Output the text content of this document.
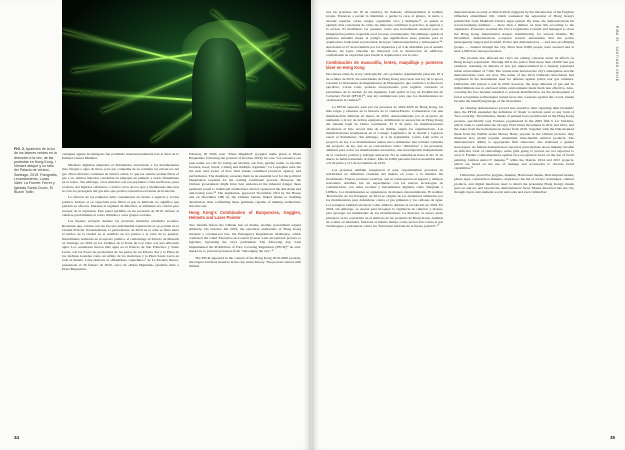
FIG. 2. Aparición de la luz de los láseres verdes en la dirección a la vez, de las protestas en Hong Kong. / Verdant ataque y un fallo del Palacio de verano, Santiago, 2019. Fotografía, Levantamiento, Lucas Valet. La Fuente: Ferrer y Iglesias Santa Crucic, El Buzón Tollin.

cualquier agente lacrimógeno fue prohibido internacionalmente tras el final de la Primera Guerra Mundial.

Mientras dignidad empleaba el distribuidor encontrado a los manifestantes mas vinagre a agua de litros, para así, compañía de su columna los elevan los del gas. Otros métodos consisten en triturar caliza, lo que las cenizas podían filtrar el gas a su. Ambos métodos consistían en empapar un pañuelo y atarlo firmemente en el rostro. Sin embargo, otros métodos son tan populares como ineficaces, pues el efecto del líquidos cafeínicos o ácidos cerca de los ojos y membranas mucosas no sólo no protegería del gas sino que podría convertirse en fuente de irritación.

La eficacia de los pañuelos debe considerarse en cuanto a agencia y acción política. Incluso si su capacidad para filtrar el gas es limitada, no significa que pierdan su eficacia. Durante el régimen de Pinochet, el ambiente era crucial para escapar de la represión. Este papel permitió en las protestas de 2019, incluso el cubrirse parcialmente el rostro limitaba a otras grupos sociales.

Las fuentes recluyen durante las protestas incluidos estallidos sociales. Recientes que, cobrise son sin fue una enfermedad respiratoria al ojo ponían en la Ciudad Policial. Paralelamente, la performance de 2019 de la calle se filtró entre el núcleo de la ciudad en el estallido de los puntos a la vena de lo general. Inicialmente realizada en el espacio público, el camarlengo al Palacio de Moneda en Santiago en 2019 en los Jardines de la Parte de Los Ojos con una Alborada agua. Los centenares fueron más agua en el Palacio de San Francisco y Santa Lucía, con las Fosas las producidas de las partes de un Palacio Sur y la Plaza de los Jardines Grandes como un reflejo de los modernos y la Plaza Santa Lucía en todo el mundo. Cabe destacar el «Manifiesto capuchino»⁹ de La Escuela Nueva, presentado el 26 febrero de 2020, cerca de «Plaza Dignidad» (nombre dado a Plaza Baquedano

February 20 2020, near "Plaza Dignidad" (popular name given to Plaza Baquedano following the protests of October 2019). Its core "we renounce our seen name, we call for losing our identity, our face, gender, name, to become faceless, hood, blood, a living and multiple organism," La Lapsopher said. On the next said aware of how their masks combined practical, agency, and performance. The manifesto presents them as an essential tool for the political imagination required for the coming constituent process. However, the Chilean government might have best understood the inherent danger these garments posed to traditional architecture when it sponsored the anti-mask and anti-boring laws.¹⁰ The legislation, approved November 23rd by the House and on December 18th by the Chilean Senate, linked masks to building destruction, thus confirming these garments capable of making architecture into this site.

Hong Kong's Combination of Buoyancies, Goggles, Helmets and Laser Pointer

Two months before the Chilean ban on masks, another government argued similarly. On October 4th 2019, the executive authorities of Hong Kong invoked a colonial-era law, the Emergency Regulations Ordinance, which conferred the Chief Executive-in-Council (Carrie Lam exceptional powers to legislate, bypassing the city's parliament. The following day, Lam implemented the Prohibition of Face Covering Regulation (PFCR)¹¹ an anti-mask law to prevent protesters from "sabotaging the city".¹²

The PFCR appeared in the context of the Hong Kong 2019-2020 protests, the largest and most massive in the city estate history. The protests started with limited

34

tras las protestas del 18 de octubre). Su llamado, «Erinnerisimos al nombre propio. Entonces a perder la identidad, a perder la cara, el género, la nariz, a devenir capucha, carne, sangre, organismo vivo y múltiple»¹³, es quizás el ejemplo más consciente de cómo las máscaras combinan la práctica, la agencia y la acción. El manifiesto las presenta como una herramienta esencial para la imaginación política requerida en el proceso constituyente. Sin embargo, quizás el gobierno entendió mejor el peligro que significaban estas prendas para la arquitectura tradicional al patrocinar las leyes "antiencapuchados y antisaqueos"¹⁴. Aprobadas el 27 de noviembre por los diputados y el 4 de diciembre por el senado chileno, las leyes vinculan las máscaras con la destrucción de edificios, confirmando su capacidad para fundir la arquitectura con el sitio.

Combinación de mascarilla, lentes, maquillaje y punteros láser en Hong Kong

Dos meses antes de la ley 'anticapucha', otro gobierno argumentaba parecido. El 4 de octubre de 2019, las autoridades de Hong Kong invocaron una ley de la época colonial, la Ordenanza de Reglamentos de Emergencia, que confería a la directora ejecutiva, Carrie Lam, poderes excepcionales para legislar, sobrando al parlamento de la ciudad. Al día siguiente, Lam aplicó la Ley de Prohibición de Cobertura Facial (PFCR)¹⁵, una ley antimáscaras para que los manifestantes no «sabotearan la ciudad»¹⁶.

La PFCR apareció aquí por las protestas de 2019-2020 en Hong Kong, las más largas y extensas en la historia de la ciudad-Estado. Comenzaron con una manifestación limitada en marzo de 2019, desencadenadas por el proyecto de enmienda a la ley de delitos equipados, debilitando la separación de Hong Kong del sistema legal de China continental. El 9 de junio las manifestaciones alcanzaron el hito récord más de un millón, según los organizadores. Las manifestaciones irrumpieron en el Consejo Legislativo de la ciudad y lograron cerrar el Parlamento. Sin embargo, el 4 de septiembre, Carrie Lam retiró el proyecto de ley. Los manifestantes tenían cinco demandas: una retirada completa del proyecto de ley, que no se caracterizara como "disturbios" a las protestas, amnistía para todos los manifestantes arrestados, una investigación independiente de la conducta policial y sufragio universal. No se cumplieron hasta el día 31 de marzo se había trasladado al frente. Más de 6.000 personas fueron detenidas entre el 9 de junio y el 5 de noviembre de 2019.

Las protestas también traspasaron el país, organizándose protestas de solidaridad en diferentes ciudades del mundo en torno a la bandera del movimiento. Fueron protestas creativas, que se construyeron en lugares y tiempos relevantes. Además, fue un experimento con las nuevas tecnologías de comunicación, con redes sociales y herramientas digitales como Telegram o LIHKG. Los manifestantes se organizaron de manera descentralizada. El nombre 'Revolución de los Paraguas' de 2014 se originó de los elementos utilizados por los manifestantes para defenderse contra el gas pimienta y los cañones de agua. Los paraguas también sirvieron como símbolo durante la revolución de 2019. En 2019, sin embargo, se usaron para bloquear la vigilancia de cámaras y drones, para proteger las identidades de los manifestantes. La máscara, la nueva pieza principal, se ha convertido en el símbolo de las protestas de Hong Kong. Además de ocultar su identidad, funciona al mismo tiempo como protección contra el gas lacrimógeno y resistencia contra las "funciones iniciales de la fuerza policial".¹⁷

demonstrations as early as March 2019, triggered by the introduction of the Fugitive Offenders amendment bill, which weakened the separation of Hong Kong's jurisdiction from Mainland China's legal system. By June, the demonstrations hit record-breaking numbers — more than a million on June 9th according to the organizers. Protesters stormed the City's Legislative Council and managed to close the Hong Kong International Airport intermittently for several months. By November, demonstrations occupied several universities that the police subsequently sieged and stormed. Police and demonstrators — and also pro-Beijing groups — clashed through the city. More than 9,000 people were arrested and at least 2,000 have been prosecuted.

The protests also affected the city's air, raising concerns about its effects on Hong Kong's population. Through 2019, the police fired more than 16,000 tear gas canisters, releasing an amount of tear gas unprecedented in a densely populated urban environment of 7.5M. The connections between the city's atmosphere and the demonstrations were not new. The name of the 2014 Umbrella Revolution had originated in the instruments used for defense against police tear gas canisters. Umbrellas still played a role in 2019; however, the large amounts of gas and its indiscriminate use in enclosed urban environments made them less effective. Also, covering the face became essential to prevent identification. As the development of facial recognition technologies turned faces into weapons against the crowd, masks became the identifying image of the movement.

As choking demonstrators proved less operative than capturing their biometric data, the PFCR expanded the definition of 'mask' to include paint or any form of 'face-covering'. Nevertheless, masks of painted faces proliferated in the Hong Kong protests, specifically Guy Fawkes, popularized in the 2005 film V for Vendetta, which came to symbolize the Occupy Wall Street movement in 2011 and 2012, and the Joker from the homonymous movie from 2019. Together with the Dali-inspired mask from the Netflix series Money Heist, popular in the Chilean protests, they illustrate how global popular resentment trans-medial cultural products. The demonstrators' ability to appropriate film characters also indicated a gender stereotypes. As female demonstrators reported, prescriptions about makeup became an effective form of camouflage, some girls going to protest are not expected to wear it. Further countermeasures against face recognition focus on the use of facial painting, fashion Anti-CV makeup,²⁰ while the Dazzle, 2014 and 2015 projects, which are based on the use of makeup and accessories to obscure facial capabilities.²¹

Umbrellas, protective goggles, makeup, Halloween masks, Dali-inspired masks, phone apps, construction helmets, respirators: the list of ad-hoc techniques, cultural products, and digital interfaces used to shield the protesting Hong Kong's masks goes on and on, and beyond the demonstrators' faces. Masks dissolved into the city through layers and elements social networks and even 'umbrellas'.

RIBA 35 · SANTIAGO CHILE
35
